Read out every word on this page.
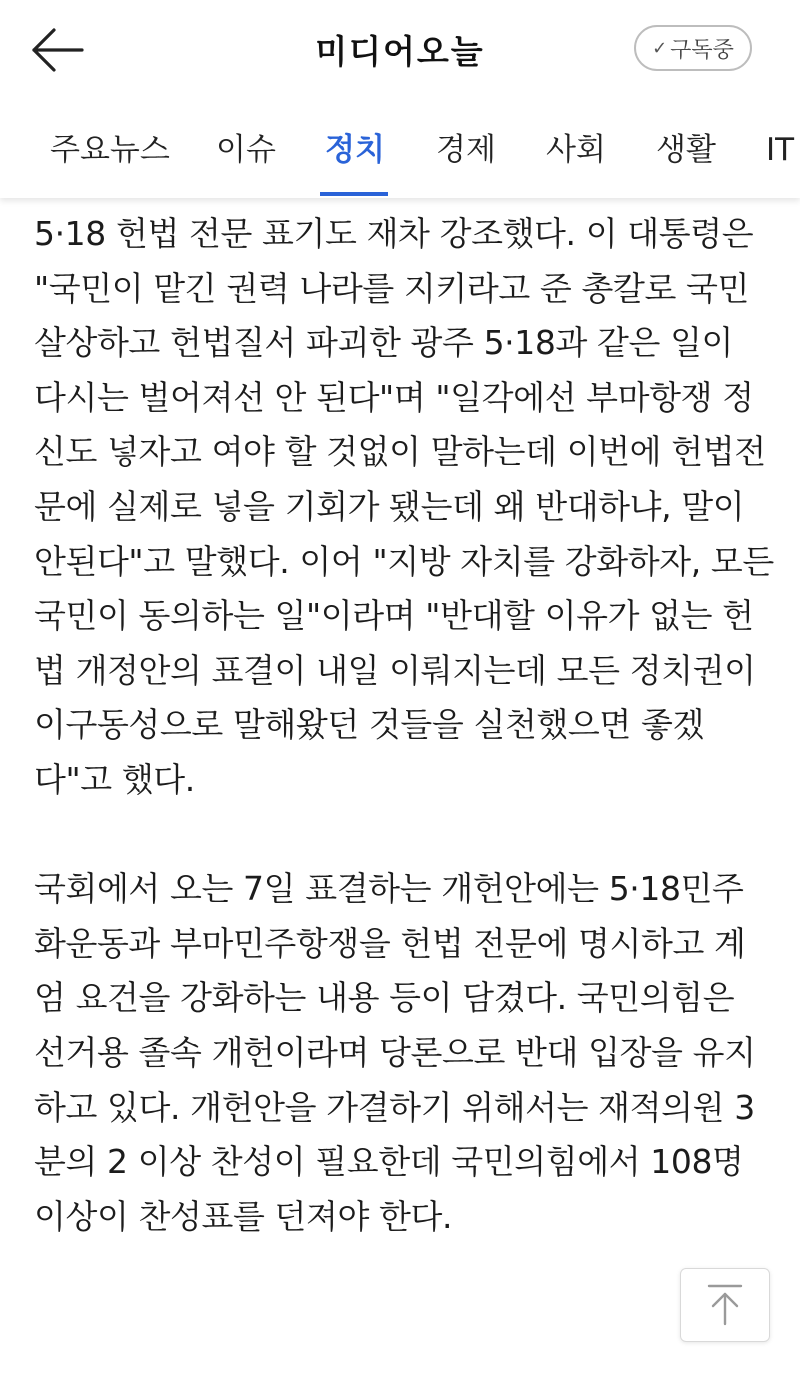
미디어오늘	✓ 구독중
주요뉴스 이슈 정치 경제 사회 생활 IT

5·18 헌법 전문 표기도 재차 강조했다. 이 대통령은 "국민이 맡긴 권력 나라를 지키라고 준 총칼로 국민 살상하고 헌법질서 파괴한 광주 5·18과 같은 일이 다시는 벌어져선 안 된다"며 "일각에선 부마항쟁 정신도 넣자고 여야 할 것없이 말하는데 이번에 헌법전문에 실제로 넣을 기회가 됐는데 왜 반대하냐, 말이 안된다"고 말했다. 이어 "지방 자치를 강화하자, 모든 국민이 동의하는 일"이라며 "반대할 이유가 없는 헌법 개정안의 표결이 내일 이뤄지는데 모든 정치권이 이구동성으로 말해왔던 것들을 실천했으면 좋겠다"고 했다.

국회에서 오는 7일 표결하는 개헌안에는 5·18민주화운동과 부마민주항쟁을 헌법 전문에 명시하고 계엄 요건을 강화하는 내용 등이 담겼다. 국민의힘은 선거용 졸속 개헌이라며 당론으로 반대 입장을 유지하고 있다. 개헌안을 가결하기 위해서는 재적의원 3분의 2 이상 찬성이 필요한데 국민의힘에서 108명 이상이 찬성표를 던져야 한다.
